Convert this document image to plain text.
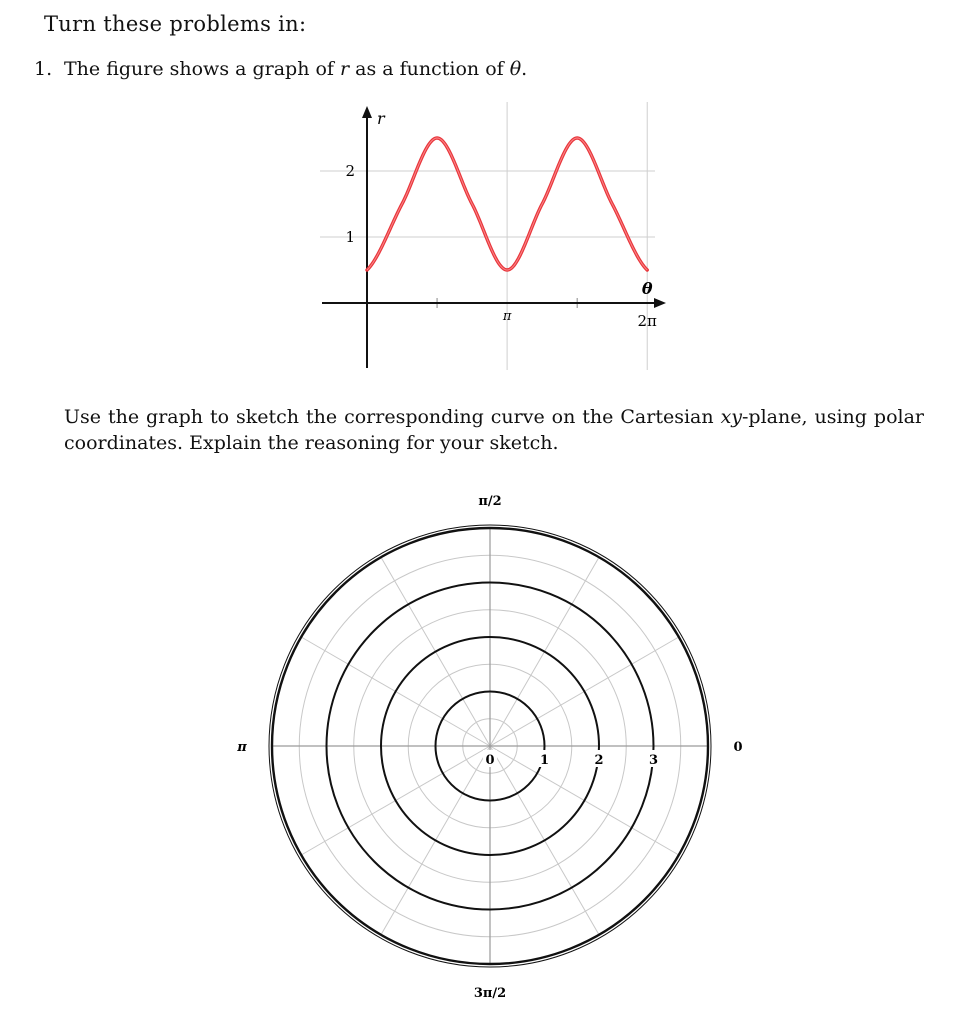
Turn these problems in:

1. The figure shows a graph of r as a function of θ.

π	2π
1
2
r
θ

Use the graph to sketch the corresponding curve on the Cartesian xy-plane, using polar coordinates. Explain the reasoning for your sketch.

0	1	2	3
0
π/2
π
3π/2
